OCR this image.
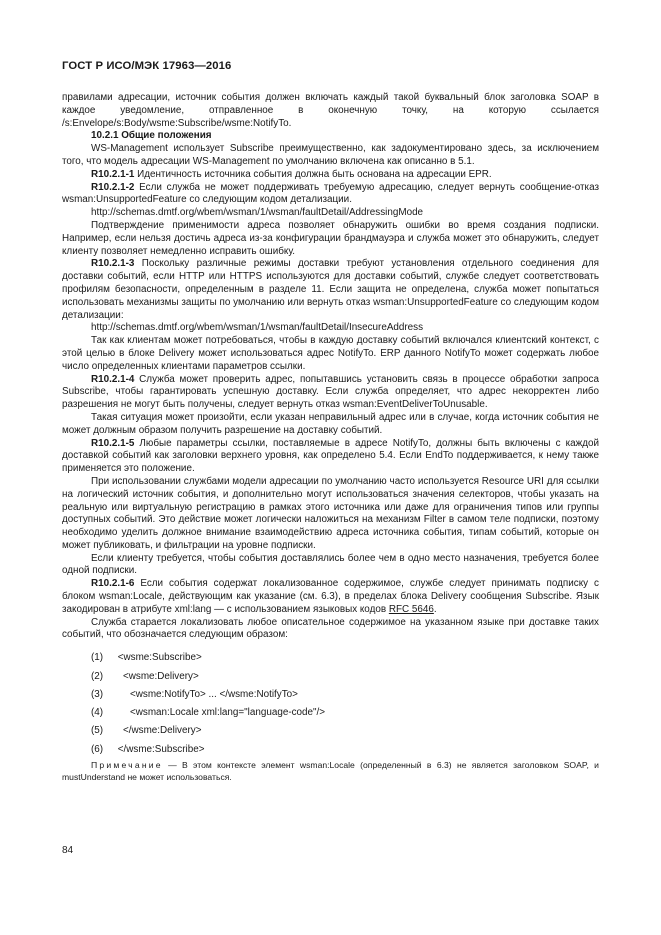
ГОСТ Р ИСО/МЭК 17963—2016

правилами адресации, источник события должен включать каждый такой буквальный блок заголовка SOAP в каждое уведомление, отправленное в оконечную точку, на которую ссылается /s:Envelope/s:Body/wsme:Subscribe/wsme:NotifyTo.

10.2.1 Общие положения

WS-Management использует Subscribe преимущественно, как задокументировано здесь, за исключением того, что модель адресации WS-Management по умолчанию включена как описанно в 5.1.

R10.2.1-1 Идентичность источника события должна быть основана на адресации EPR.

R10.2.1-2 Если служба не может поддерживать требуемую адресацию, следует вернуть сообщение-отказ wsman:UnsupportedFeature со следующим кодом детализации.

http://schemas.dmtf.org/wbem/wsman/1/wsman/faultDetail/AddressingMode

Подтверждение применимости адреса позволяет обнаружить ошибки во время создания подписки. Например, если нельзя достичь адреса из-за конфигурации брандмауэра и служба может это обнаружить, следует клиенту позволяет немедленно исправить ошибку.

R10.2.1-3 Поскольку различные режимы доставки требуют установления отдельного соединения для доставки событий, если HTTP или HTTPS используются для доставки событий, службе следует соответствовать профилям безопасности, определенным в разделе 11. Если защита не определена, служба может попытаться использовать механизмы защиты по умолчанию или вернуть отказ wsman:UnsupportedFeature со следующим кодом детализации:

http://schemas.dmtf.org/wbem/wsman/1/wsman/faultDetail/InsecureAddress

Так как клиентам может потребоваться, чтобы в каждую доставку событий включался клиентский контекст, с этой целью в блоке Delivery может использоваться адрес NotifyTo. ERP данного NotifyTo может содержать любое число определенных клиентами параметров ссылки.

R10.2.1-4 Служба может проверить адрес, попытавшись установить связь в процессе обработки запроса Subscribe, чтобы гарантировать успешную доставку. Если служба определяет, что адрес некорректен либо разрешения не могут быть получены, следует вернуть отказ wsman:EventDeliverToUnusable.

Такая ситуация может произойти, если указан неправильный адрес или в случае, когда источник события не может должным образом получить разрешение на доставку событий.

R10.2.1-5 Любые параметры ссылки, поставляемые в адресе NotifyTo, должны быть включены с каждой доставкой событий как заголовки верхнего уровня, как определено 5.4. Если EndTo поддерживается, к нему также применяется это положение.

При использовании службами модели адресации по умолчанию часто используется Resource URI для ссылки на логический источник события, и дополнительно могут использоваться значения селекторов, чтобы указать на реальную или виртуальную регистрацию в рамках этого источника или даже для ограничения типов или группы доступных событий. Это действие может логически наложиться на механизм Filter в самом теле подписки, поэтому необходимо уделить должное внимание взаимодействию адреса источника события, типам событий, которые он может публиковать, и фильтрации на уровне подписки.

Если клиенту требуется, чтобы события доставлялись более чем в одно место назначения, требуется более одной подписки.

R10.2.1-6 Если события содержат локализованное содержимое, службе следует принимать подписку с блоком wsman:Locale, действующим как указание (см. 6.3), в пределах блока Delivery сообщения Subscribe. Язык закодирован в атрибуте xml:lang — с использованием языковых кодов RFC 5646.

Служба старается локализовать любое описательное содержимое на указанном языке при доставке таких событий, что обозначается следующим образом:

(1) <wsme:Subscribe>

(2) <wsme:Delivery>

(3)	<wsme:NotifyTo> ... </wsme:NotifyTo>

(4)	<wsman:Locale xml:lang="language-code"/>

(5) </wsme:Delivery>

(6) </wsme:Subscribe>

Примечание — В этом контексте элемент wsman:Locale (определенный в 6.3) не является заголовком SOAP, и mustUnderstand не может использоваться.

84
